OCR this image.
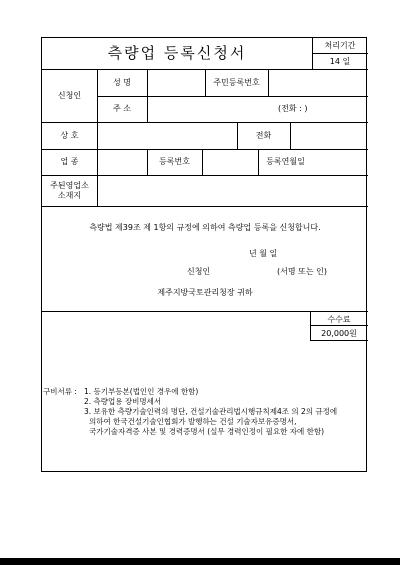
측량업 등록신청서	처리기간
14 일
신청인
성 명	주민등록번호
주 소	(전화 : )
상 호	전화
업 종	등록번호	등록연월일
주된영업소
소재지
측량법 제39조 제 1항의 규정에 의하여 측량업 등록을 신청합니다.
년 월 일
신청인	(서명 또는 인)
제주지방국토관리청장 귀하
수수료
20,000원
구비서류 : 1. 등기부등본(법인인 경우에 한함)
2. 측량업용 장비명세서
3. 보유한 측량기술인력의 명단, 건설기술관리법시행규칙제4조 의 2의 규정에
의하여 한국건설기술인협회가 발행하는 건설 기술자보유증명서,
국가기술자격증 사본 및 경력증명서 (실무 경력인정이 필요한 자에 한함)
